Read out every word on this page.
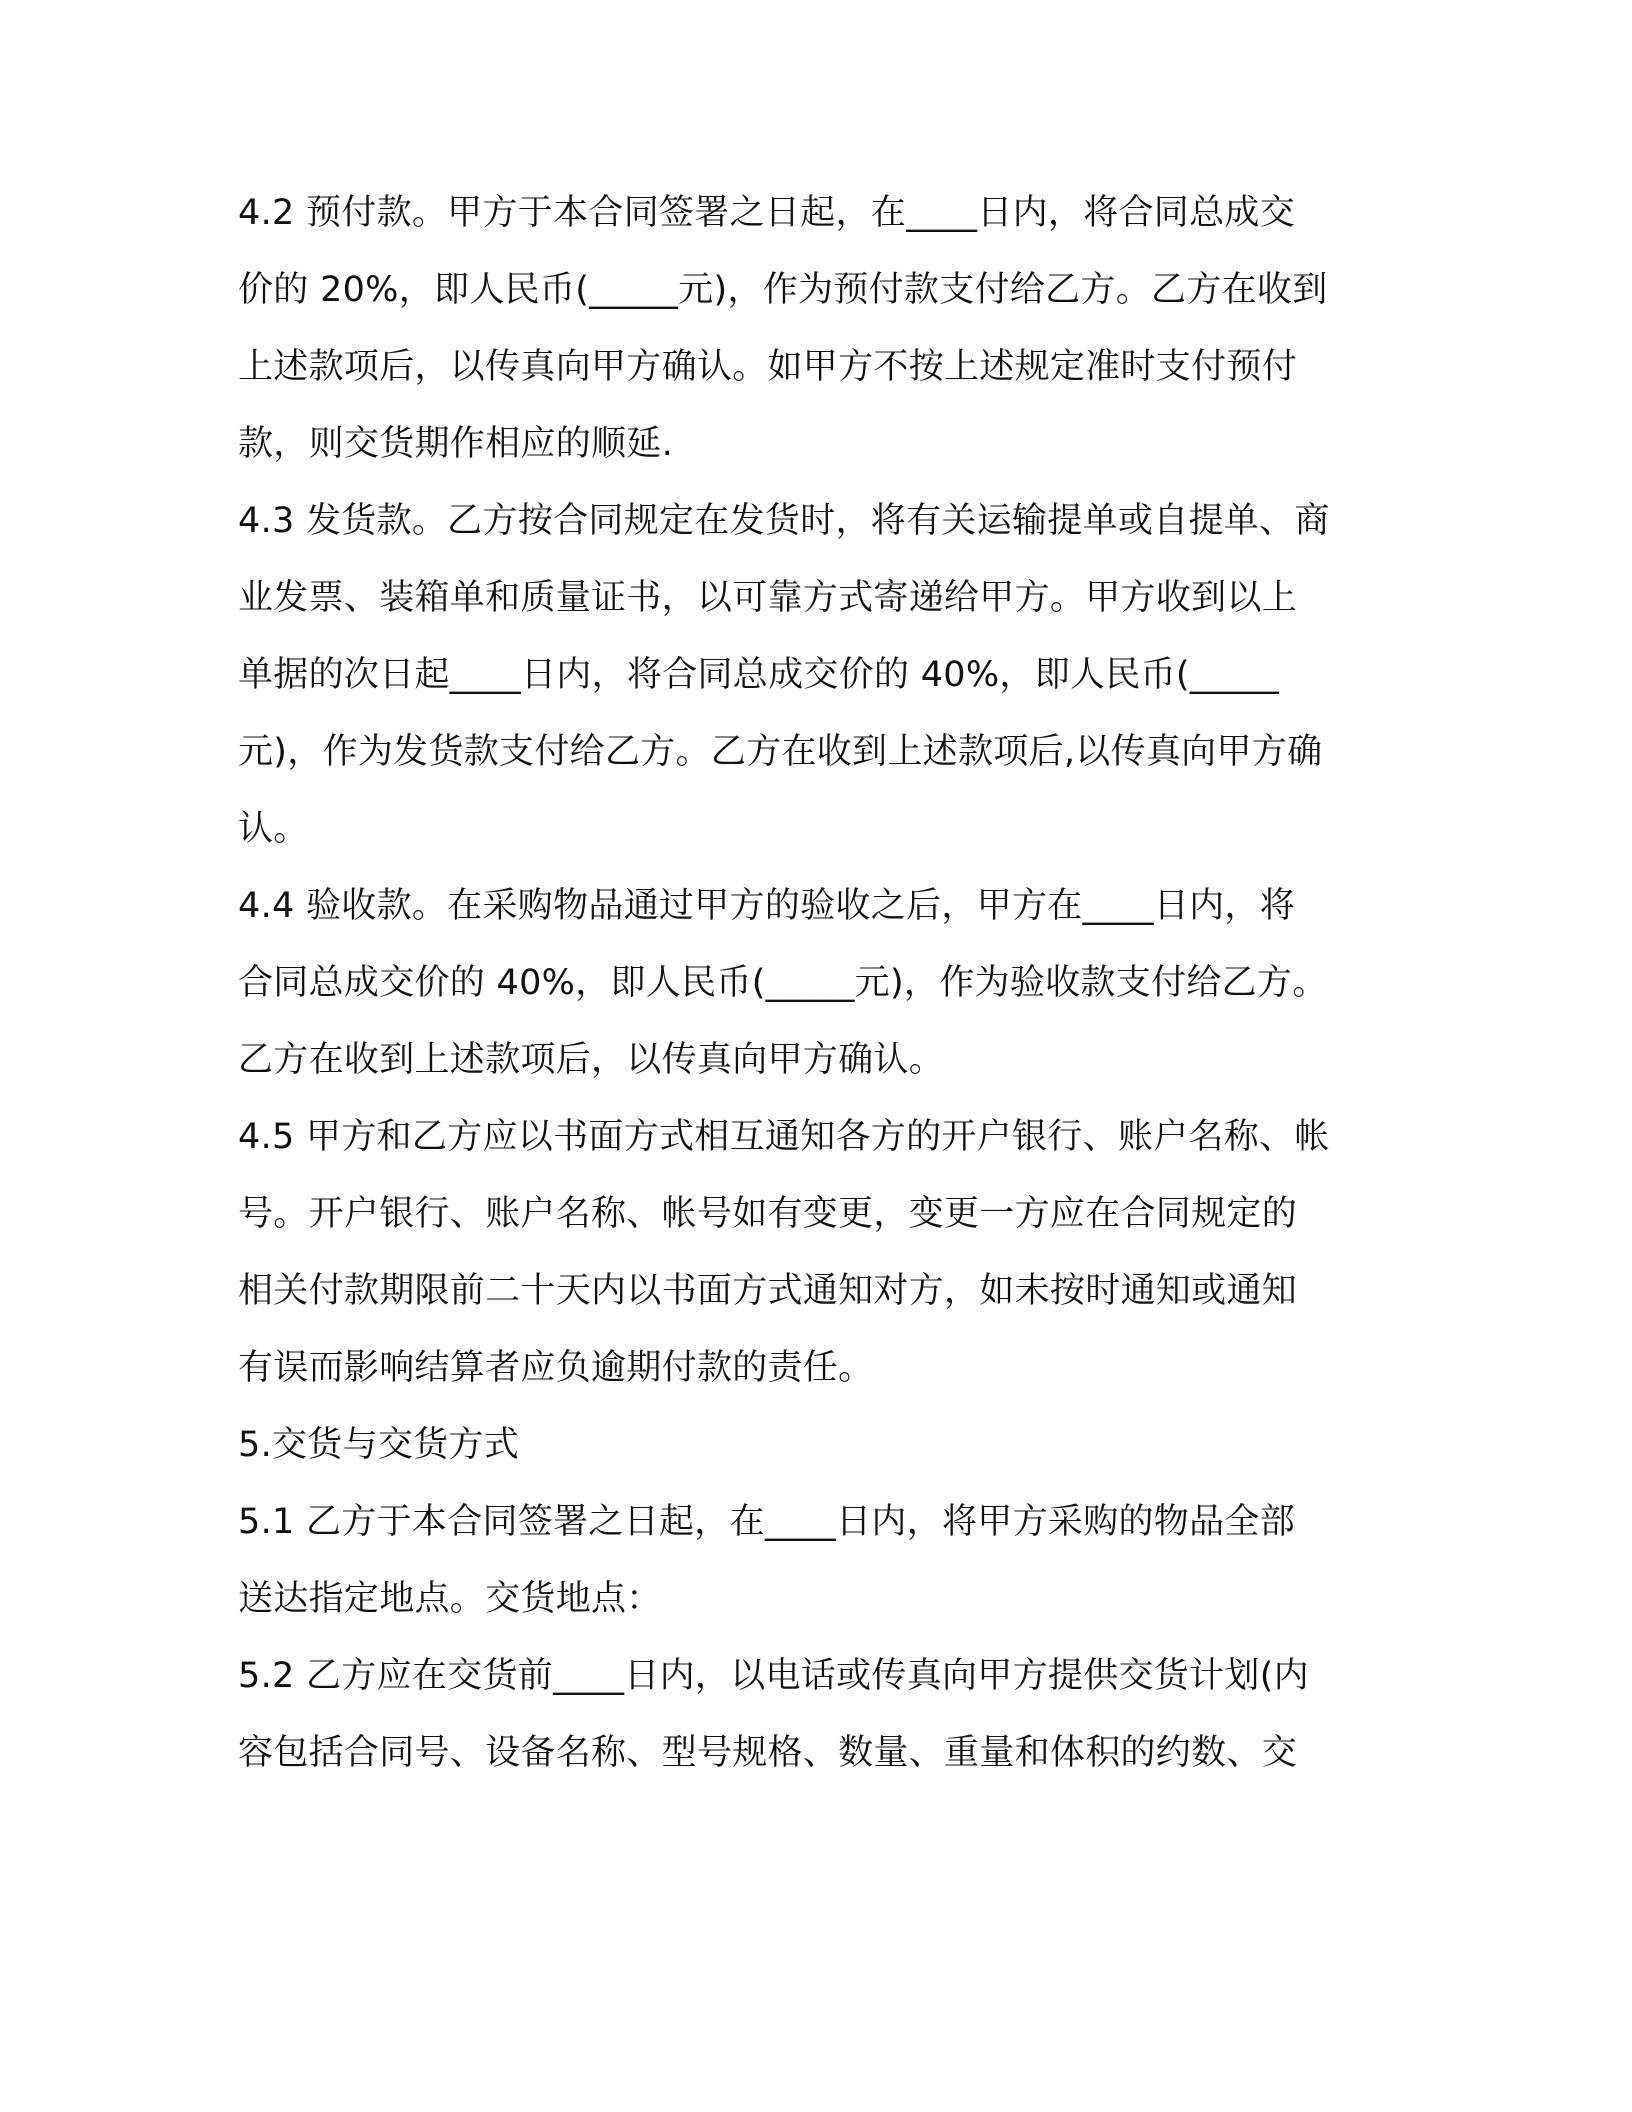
4.2 预付款。甲方于本合同签署之日起，在____日内，将合同总成交
价的 20%，即人民币(_____元)，作为预付款支付给乙方。乙方在收到
上述款项后，以传真向甲方确认。如甲方不按上述规定准时支付预付
款，则交货期作相应的顺延.
4.3 发货款。乙方按合同规定在发货时，将有关运输提单或自提单、商
业发票、装箱单和质量证书，以可靠方式寄递给甲方。甲方收到以上
单据的次日起____日内，将合同总成交价的 40%，即人民币(_____
元)，作为发货款支付给乙方。乙方在收到上述款项后,以传真向甲方确
认。
4.4 验收款。在采购物品通过甲方的验收之后，甲方在____日内，将
合同总成交价的 40%，即人民币(_____元)，作为验收款支付给乙方。
乙方在收到上述款项后，以传真向甲方确认。
4.5 甲方和乙方应以书面方式相互通知各方的开户银行、账户名称、帐
号。开户银行、账户名称、帐号如有变更，变更一方应在合同规定的
相关付款期限前二十天内以书面方式通知对方，如未按时通知或通知
有误而影响结算者应负逾期付款的责任。
5.交货与交货方式
5.1 乙方于本合同签署之日起，在____日内，将甲方采购的物品全部
送达指定地点。交货地点：
5.2 乙方应在交货前____日内，以电话或传真向甲方提供交货计划(内
容包括合同号、设备名称、型号规格、数量、重量和体积的约数、交
